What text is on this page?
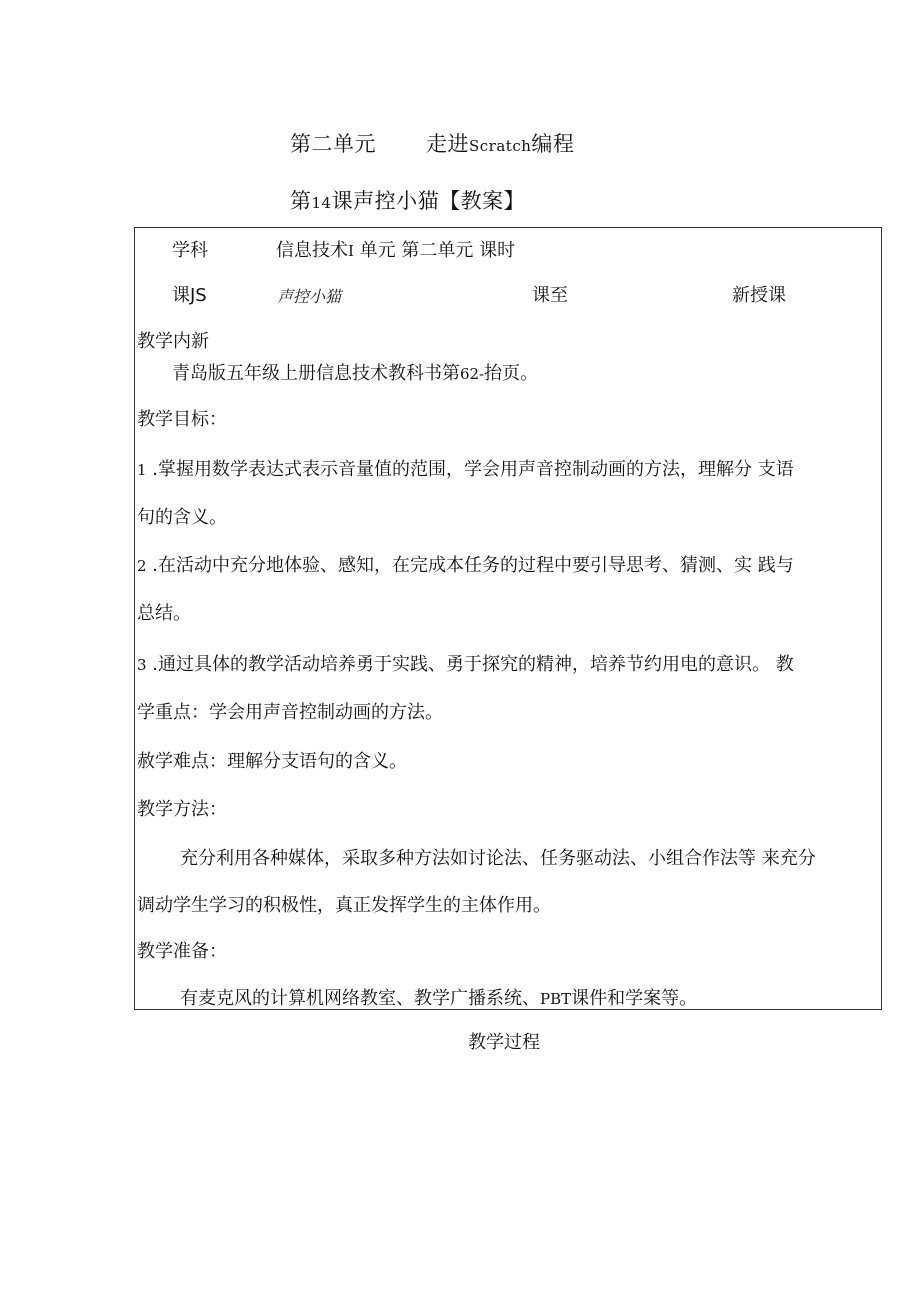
第二单元 走进Scratch编程
第14课声控小猫【教案】
学科	信息技术I 单元 第二单元 课时
课JS	声控小猫	课至	新授课
教学内新
青岛版五年级上册信息技术教科书第62-抬页。
教学目标：
1 .掌握用数学表达式表示音量值的范围，学会用声音控制动画的方法，理解分 支语
句的含义。
2 .在活动中充分地体验、感知，在完成本任务的过程中要引导思考、猜测、实 践与
总结。
3 .通过具体的教学活动培养勇于实践、勇于探究的精神，培养节约用电的意识。 教
学重点：学会用声音控制动画的方法。
赦学难点：理解分支语句的含义。
教学方法：
充分利用各种媒体，采取多种方法如讨论法、任务驱动法、小组合作法等 来充分
调动学生学习的积极性，真正发挥学生的主体作用。
教学准备：
有麦克风的计算机网络教室、教学广播系统、PBT课件和学案等。
教学过程
